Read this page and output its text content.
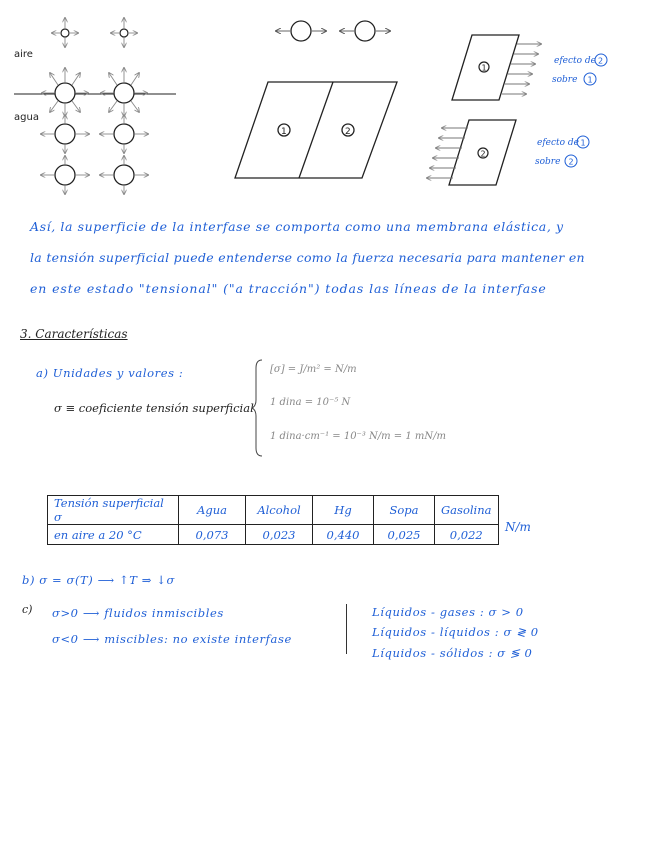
aire
agua
1	2
1
2
efecto de 2
sobre 1
efecto de 1
sobre 2
Así, la superficie de la interfase se comporta como una membrana elástica, y
la tensión superficial puede entenderse como la fuerza necesaria para mantener en
en este estado "tensional" ("a tracción") todas las líneas de la interfase
3. Características
a) Unidades y valores :
σ ≡ coeficiente tensión superficial
[σ] = J/m² = N/m
1 dina = 10⁻⁵ N
1 dina·cm⁻¹ = 10⁻³ N/m = 1 mN/m
Tensión superficial σ	Agua	Alcohol	Hg	Sopa	Gasolina
en aire a 20 °C	0,073	0,023	0,440	0,025	0,022
N/m
b) σ = σ(T) ⟶ ↑T ⇒ ↓σ
c) σ>0 ⟶ fluidos inmiscibles
σ<0 ⟶ miscibles: no existe interfase
Líquidos - gases : σ > 0
Líquidos - líquidos : σ ≷ 0
Líquidos - sólidos : σ ≶ 0
